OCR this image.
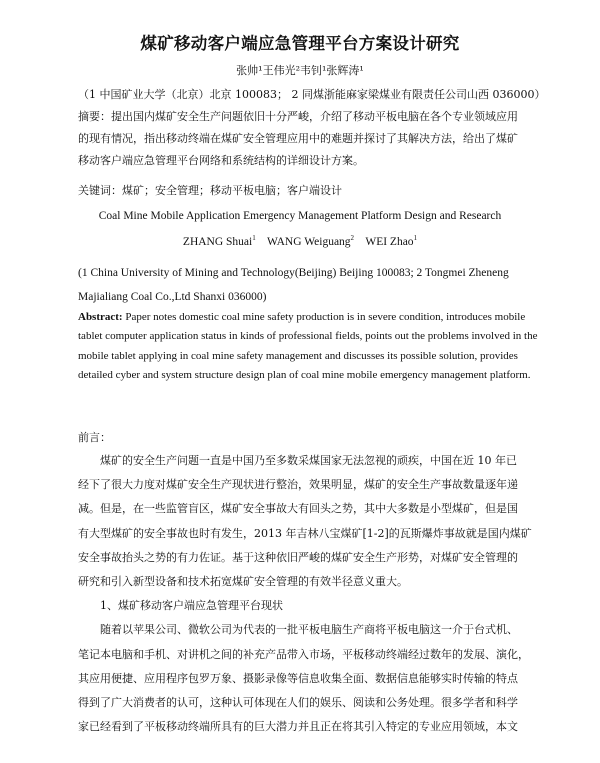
煤矿移动客户端应急管理平台方案设计研究
张帅¹王伟光²韦钊¹张辉涛¹
（1 中国矿业大学（北京）北京 100083； 2 同煤浙能麻家梁煤业有限责任公司山西 036000）
摘要：提出国内煤矿安全生产问题依旧十分严峻，介绍了移动平板电脑在各个专业领域应用
的现有情况，指出移动终端在煤矿安全管理应用中的难题并探讨了其解决方法，给出了煤矿
移动客户端应急管理平台网络和系统结构的详细设计方案。
关键词：煤矿；安全管理；移动平板电脑；客户端设计
Coal Mine Mobile Application Emergency Management Platform Design and Research
ZHANG Shuai$^1$ WANG Weiguang$^2$ WEI Zhao$^1$
(1 China University of Mining and Technology(Beijing) Beijing 100083; 2 Tongmei Zheneng Majialiang Coal Co.,Ltd Shanxi 036000)
Abstract: Paper notes domestic coal mine safety production is in severe condition, introduces mobile tablet computer application status in kinds of professional fields, points out the problems involved in the mobile tablet applying in coal mine safety management and discusses its possible solution, provides detailed cyber and system structure design plan of coal mine mobile emergency management platform.
前言：
煤矿的安全生产问题一直是中国乃至多数采煤国家无法忽视的顽疾，中国在近 10 年已
经下了很大力度对煤矿安全生产现状进行整治，效果明显，煤矿的安全生产事故数量逐年递
减。但是，在一些监管盲区，煤矿安全事故大有回头之势，其中大多数是小型煤矿，但是国
有大型煤矿的安全事故也时有发生，2013 年吉林八宝煤矿[1-2]的瓦斯爆炸事故就是国内煤矿
安全事故抬头之势的有力佐证。基于这种依旧严峻的煤矿安全生产形势，对煤矿安全管理的
研究和引入新型设备和技术拓宽煤矿安全管理的有效半径意义重大。
1、煤矿移动客户端应急管理平台现状
随着以苹果公司、微软公司为代表的一批平板电脑生产商将平板电脑这一介于台式机、
笔记本电脑和手机、对讲机之间的补充产品带入市场，平板移动终端经过数年的发展、演化，
其应用便捷、应用程序包罗万象、摄影录像等信息收集全面、数据信息能够实时传输的特点
得到了广大消费者的认可，这种认可体现在人们的娱乐、阅读和公务处理。很多学者和科学
家已经看到了平板移动终端所具有的巨大潜力并且正在将其引入特定的专业应用领域，本文
